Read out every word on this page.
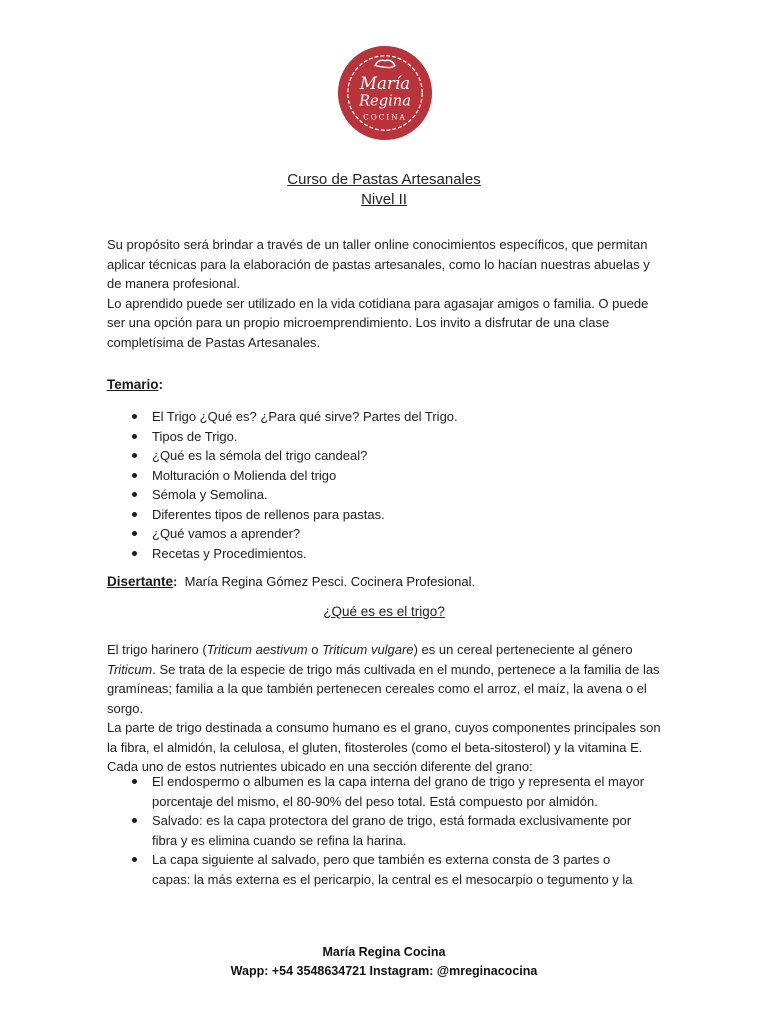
María
Regina
COCINA
Curso de Pastas Artesanales
Nivel II
Su propósito será brindar a través de un taller online conocimientos específicos, que permitan aplicar técnicas para la elaboración de pastas artesanales, como lo hacían nuestras abuelas y de manera profesional.
Lo aprendido puede ser utilizado en la vida cotidiana para agasajar amigos o familia. O puede ser una opción para un propio microemprendimiento. Los invito a disfrutar de una clase completísima de Pastas Artesanales.
Temario:
El Trigo ¿Qué es? ¿Para qué sirve? Partes del Trigo.
Tipos de Trigo.
¿Qué es la sémola del trigo candeal?
Molturación o Molienda del trigo
Sémola y Semolina.
Diferentes tipos de rellenos para pastas.
¿Qué vamos a aprender?
Recetas y Procedimientos.
Disertante: María Regina Gómez Pesci. Cocinera Profesional.
¿Qué es es el trigo?
El trigo harinero (Triticum aestivum o Triticum vulgare) es un cereal perteneciente al género Triticum. Se trata de la especie de trigo más cultivada en el mundo, pertenece a la familia de las gramíneas; familia a la que también pertenecen cereales como el arroz, el maíz, la avena o el sorgo.
La parte de trigo destinada a consumo humano es el grano, cuyos componentes principales son la fibra, el almidón, la celulosa, el gluten, fitosteroles (como el beta-sitosterol) y la vitamina E. Cada uno de estos nutrientes ubicado en una sección diferente del grano:
El endospermo o albumen es la capa interna del grano de trigo y representa el mayor porcentaje del mismo, el 80-90% del peso total. Está compuesto por almidón.
Salvado: es la capa protectora del grano de trigo, está formada exclusivamente por fibra y es elimina cuando se refina la harina.
La capa siguiente al salvado, pero que también es externa consta de 3 partes o capas: la más externa es el pericarpio, la central es el mesocarpio o tegumento y la
María Regina Cocina
Wapp: +54 3548634721 Instagram: @mreginacocina
